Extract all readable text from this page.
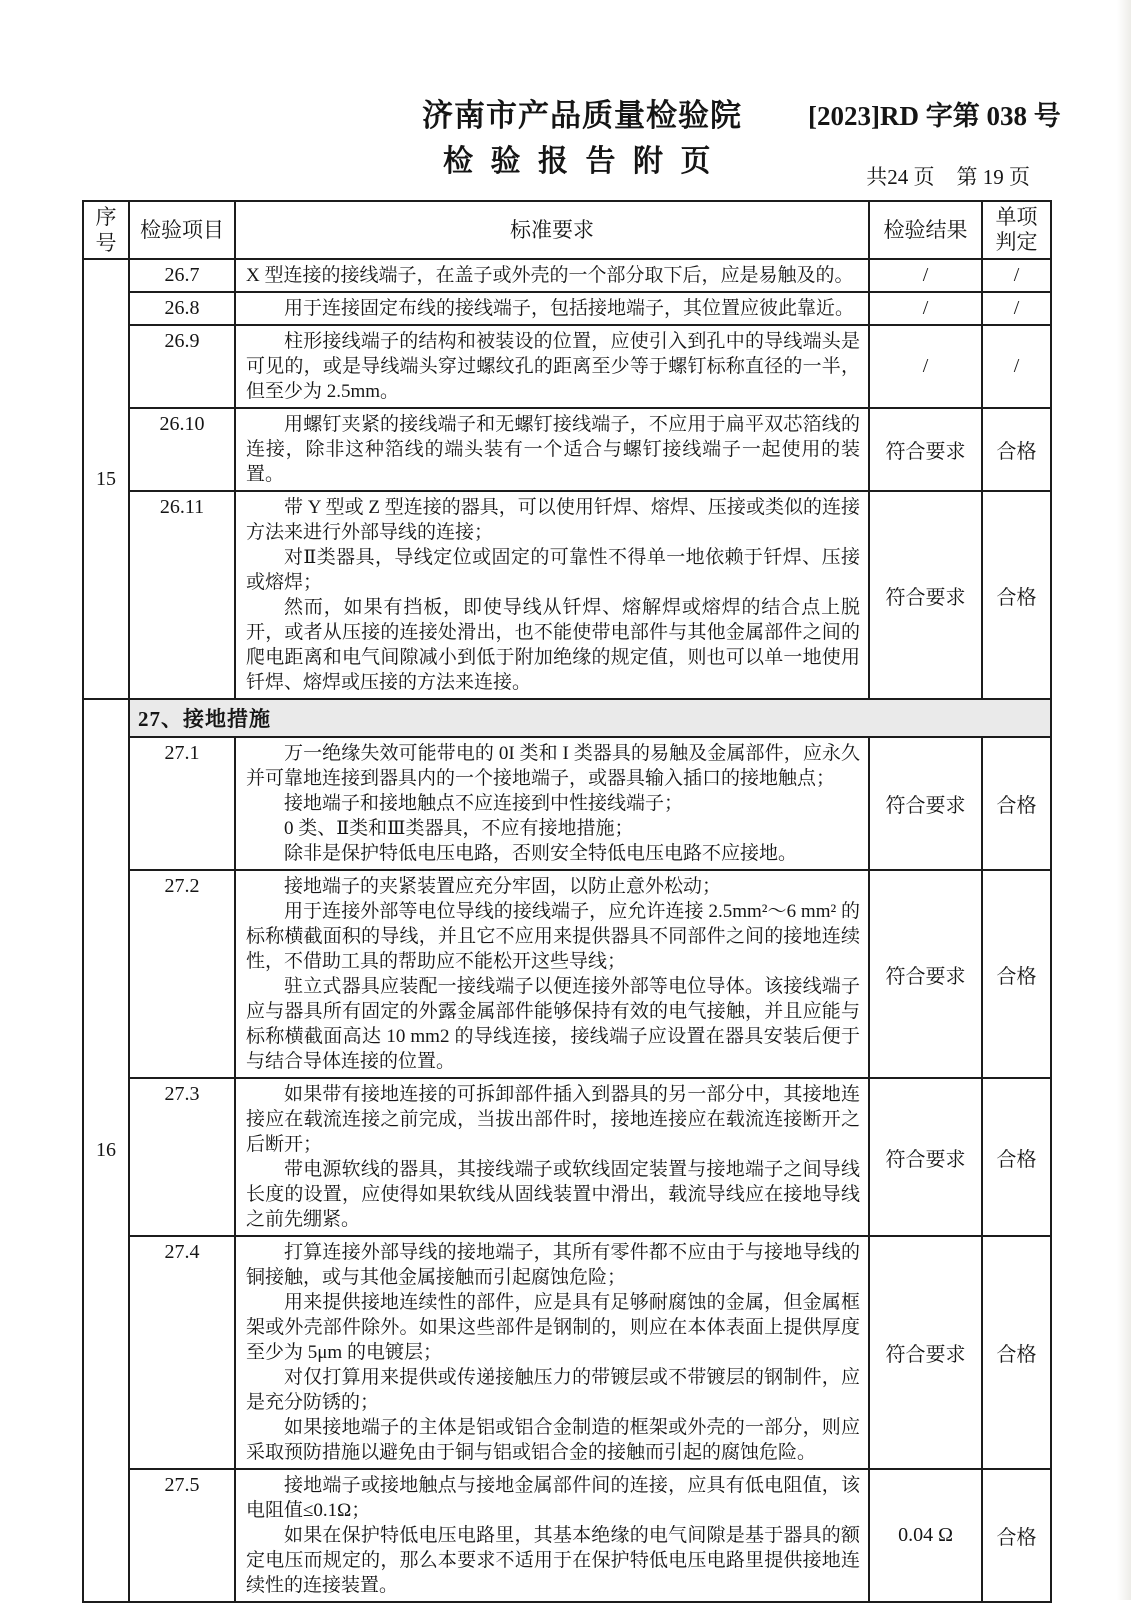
济南市产品质量检验院 [2023]RD 字第 038 号
检 验 报 告 附 页	共24 页 第 19 页
序号	检验项目	标准要求	检验结果	单项判定
15	26.7	X 型连接的接线端子，在盖子或外壳的一个部分取下后，应是易触及的。	/	/
	26.8	用于连接固定布线的接线端子，包括接地端子，其位置应彼此靠近。	/	/
	26.9	柱形接线端子的结构和被装设的位置，应使引入到孔中的导线端头是可见的，或是导线端头穿过螺纹孔的距离至少等于螺钉标称直径的一半，但至少为 2.5mm。	/	/
	26.10	用螺钉夹紧的接线端子和无螺钉接线端子，不应用于扁平双芯箔线的连接，除非这种箔线的端头装有一个适合与螺钉接线端子一起使用的装置。	符合要求	合格
	26.11	带 Y 型或 Z 型连接的器具，可以使用钎焊、熔焊、压接或类似的连接方法来进行外部导线的连接；

对Ⅱ类器具，导线定位或固定的可靠性不得单一地依赖于钎焊、压接或熔焊；

然而，如果有挡板，即使导线从钎焊、熔解焊或熔焊的结合点上脱开，或者从压接的连接处滑出，也不能使带电部件与其他金属部件之间的爬电距离和电气间隙减小到低于附加绝缘的规定值，则也可以单一地使用钎焊、熔焊或压接的方法来连接。	符合要求	合格
16	27、接地措施			
	27.1	万一绝缘失效可能带电的 0I 类和 I 类器具的易触及金属部件，应永久并可靠地连接到器具内的一个接地端子，或器具输入插口的接地触点；

接地端子和接地触点不应连接到中性接线端子；

0 类、Ⅱ类和Ⅲ类器具，不应有接地措施；

除非是保护特低电压电路，否则安全特低电压电路不应接地。	符合要求	合格
	27.2	接地端子的夹紧装置应充分牢固，以防止意外松动；

用于连接外部等电位导线的接线端子，应允许连接 2.5mm²～6 mm² 的标称横截面积的导线，并且它不应用来提供器具不同部件之间的接地连续性，不借助工具的帮助应不能松开这些导线；

驻立式器具应装配一接线端子以便连接外部等电位导体。该接线端子应与器具所有固定的外露金属部件能够保持有效的电气接触，并且应能与标称横截面高达 10 mm2 的导线连接，接线端子应设置在器具安装后便于与结合导体连接的位置。	符合要求	合格
	27.3	如果带有接地连接的可拆卸部件插入到器具的另一部分中，其接地连接应在载流连接之前完成，当拔出部件时，接地连接应在载流连接断开之后断开；

带电源软线的器具，其接线端子或软线固定装置与接地端子之间导线长度的设置，应使得如果软线从固线装置中滑出，载流导线应在接地导线之前先绷紧。	符合要求	合格
	27.4	打算连接外部导线的接地端子，其所有零件都不应由于与接地导线的铜接触，或与其他金属接触而引起腐蚀危险；

用来提供接地连续性的部件，应是具有足够耐腐蚀的金属，但金属框架或外壳部件除外。如果这些部件是钢制的，则应在本体表面上提供厚度至少为 5μm 的电镀层；

对仅打算用来提供或传递接触压力的带镀层或不带镀层的钢制件，应是充分防锈的；

如果接地端子的主体是铝或铝合金制造的框架或外壳的一部分，则应采取预防措施以避免由于铜与铝或铝合金的接触而引起的腐蚀危险。	符合要求	合格
	27.5	接地端子或接地触点与接地金属部件间的连接，应具有低电阻值，该电阻值≤0.1Ω；

如果在保护特低电压电路里，其基本绝缘的电气间隙是基于器具的额定电压而规定的，那么本要求不适用于在保护特低电压电路里提供接地连续性的连接装置。	0.04 Ω	合格
